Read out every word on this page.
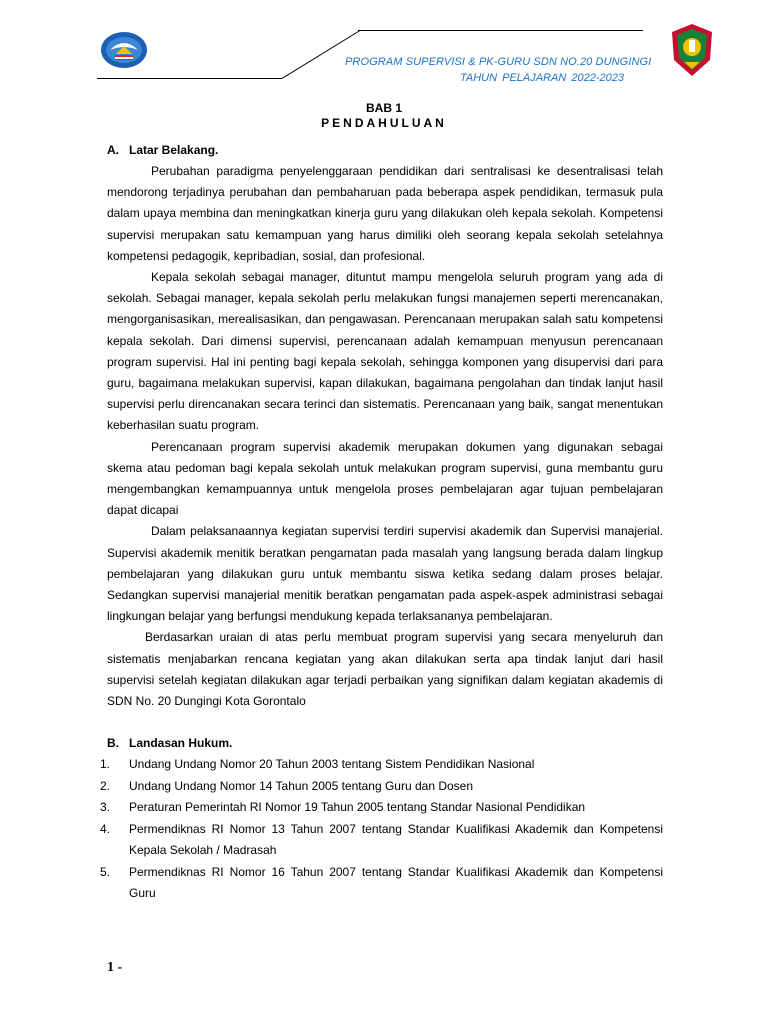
PROGRAM SUPERVISI & PK-GURU SDN NO.20 DUNGINGI
TAHUN PELAJARAN 2022-2023
BAB 1
PENDAHULUAN

A. Latar Belakang.

Perubahan paradigma penyelenggaraan pendidikan dari sentralisasi ke desentralisasi telah mendorong terjadinya perubahan dan pembaharuan pada beberapa aspek pendidikan, termasuk pula dalam upaya membina dan meningkatkan kinerja guru yang dilakukan oleh kepala sekolah. Kompetensi supervisi merupakan satu kemampuan yang harus dimiliki oleh seorang kepala sekolah setelahnya kompetensi pedagogik, kepribadian, sosial, dan profesional.

Kepala sekolah sebagai manager, dituntut mampu mengelola seluruh program yang ada di sekolah. Sebagai manager, kepala sekolah perlu melakukan fungsi manajemen seperti merencanakan, mengorganisasikan, merealisasikan, dan pengawasan. Perencanaan merupakan salah satu kompetensi kepala sekolah. Dari dimensi supervisi, perencanaan adalah kemampuan menyusun perencanaan program supervisi. Hal ini penting bagi kepala sekolah, sehingga komponen yang disupervisi dari para guru, bagaimana melakukan supervisi, kapan dilakukan, bagaimana pengolahan dan tindak lanjut hasil supervisi perlu direncanakan secara terinci dan sistematis. Perencanaan yang baik, sangat menentukan keberhasilan suatu program.

Perencanaan program supervisi akademik merupakan dokumen yang digunakan sebagai skema atau pedoman bagi kepala sekolah untuk melakukan program supervisi, guna membantu guru mengembangkan kemampuannya untuk mengelola proses pembelajaran agar tujuan pembelajaran dapat dicapai

Dalam pelaksanaannya kegiatan supervisi terdiri supervisi akademik dan Supervisi manajerial. Supervisi akademik menitik beratkan pengamatan pada masalah yang langsung berada dalam lingkup pembelajaran yang dilakukan guru untuk membantu siswa ketika sedang dalam proses belajar. Sedangkan supervisi manajerial menitik beratkan pengamatan pada aspek-aspek administrasi sebagai lingkungan belajar yang berfungsi mendukung kepada terlaksananya pembelajaran.

Berdasarkan uraian di atas perlu membuat program supervisi yang secara menyeluruh dan sistematis menjabarkan rencana kegiatan yang akan dilakukan serta apa tindak lanjut dari hasil supervisi setelah kegiatan dilakukan agar terjadi perbaikan yang signifikan dalam kegiatan akademis di SDN No. 20 Dungingi Kota Gorontalo

B. Landasan Hukum.

1. Undang Undang Nomor 20 Tahun 2003 tentang Sistem Pendidikan Nasional
2. Undang Undang Nomor 14 Tahun 2005 tentang Guru dan Dosen
3. Peraturan Pemerintah RI Nomor 19 Tahun 2005 tentang Standar Nasional Pendidikan
4. Permendiknas RI Nomor 13 Tahun 2007 tentang Standar Kualifikasi Akademik dan Kompetensi Kepala Sekolah / Madrasah
5. Permendiknas RI Nomor 16 Tahun 2007 tentang Standar Kualifikasi Akademik dan Kompetensi Guru
1 -
